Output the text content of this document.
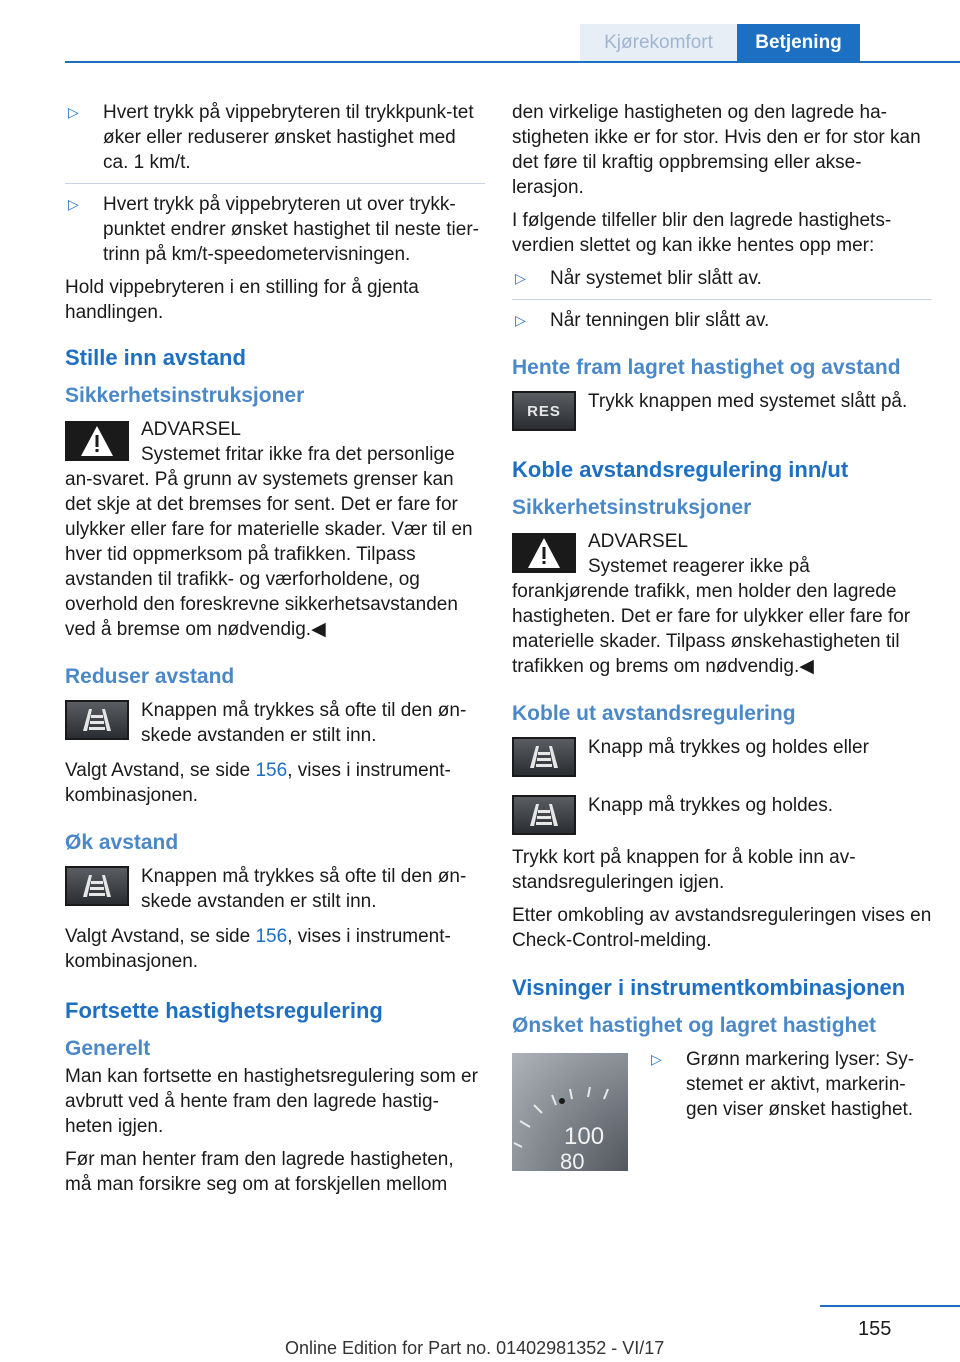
Kjørekomfort	Betjening
▷	Hvert trykk på vippebryteren til trykkpunk‐tet øker eller reduserer ønsket hastighet med ca. 1 km/t.
▷	Hvert trykk på vippebryteren ut over trykk‐punktet endrer ønsket hastighet til neste tier-trinn på km/t-speedometervisningen.

Hold vippebryteren i en stilling for å gjenta handlingen.

Stille inn avstand
Sikkerhetsinstruksjoner
ADVARSEL
Systemet fritar ikke fra det personlige an‐svaret. På grunn av systemets grenser kan det skje at det bremses for sent. Det er fare for ulykker eller fare for materielle skader. Vær til en hver tid oppmerksom på trafikken. Tilpass avstanden til trafikk- og værforholdene, og overhold den foreskrevne sikkerhetsavstanden ved å bremse om nødvendig.◀
Reduser avstand
Knappen må trykkes så ofte til den øn‐skede avstanden er stilt inn.

Valgt Avstand, se side 156, vises i instrument‐kombinasjonen.

Øk avstand
Knappen må trykkes så ofte til den øn‐skede avstanden er stilt inn.

Valgt Avstand, se side 156, vises i instrument‐kombinasjonen.

Fortsette hastighetsregulering
Generelt

Man kan fortsette en hastighetsregulering som er avbrutt ved å hente fram den lagrede hastig‐heten igjen.

Før man henter fram den lagrede hastigheten, må man forsikre seg om at forskjellen mellom

den virkelige hastigheten og den lagrede ha‐stigheten ikke er for stor. Hvis den er for stor kan det føre til kraftig oppbremsing eller akse‐lerasjon.

I følgende tilfeller blir den lagrede hastighets‐verdien slettet og kan ikke hentes opp mer:

▷	Når systemet blir slått av.
▷	Når tenningen blir slått av.
Hente fram lagret hastighet og avstand
RES Trykk knappen med systemet slått på.
Koble avstandsregulering inn/ut
Sikkerhetsinstruksjoner
ADVARSEL
Systemet reagerer ikke på forankjørende trafikk, men holder den lagrede hastigheten. Det er fare for ulykker eller fare for materielle skader. Tilpass ønskehastigheten til trafikken og brems om nødvendig.◀
Koble ut avstandsregulering
Knapp må trykkes og holdes eller
Knapp må trykkes og holdes.

Trykk kort på knappen for å koble inn av‐standsreguleringen igjen.

Etter omkobling av avstandsreguleringen vises en Check-Control-melding.

Visninger i instrumentkombinasjonen
Ønsket hastighet og lagret hastighet
100
80
▷	Grønn markering lyser: Sy‐stemet er aktivt, markerin‐gen viser ønsket hastighet.
155
Online Edition for Part no. 01402981352 - VI/17
